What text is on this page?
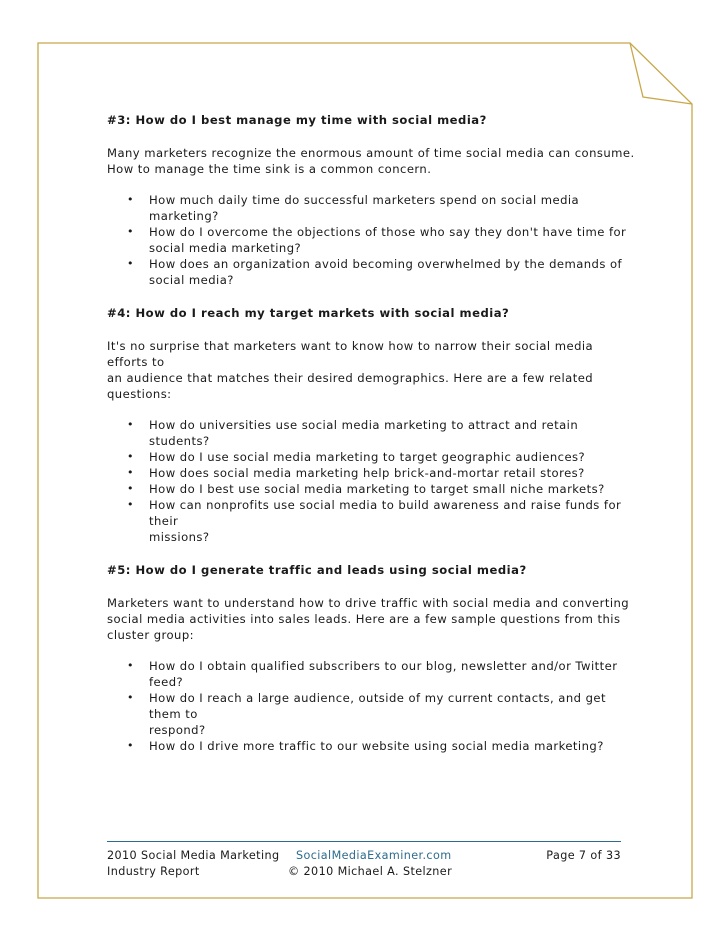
#3: How do I best manage my time with social media?

Many marketers recognize the enormous amount of time social media can consume.
How to manage the time sink is a common concern.

• How much daily time do successful marketers spend on social media marketing?
• How do I overcome the objections of those who say they don't have time for
social media marketing?
• How does an organization avoid becoming overwhelmed by the demands of
social media?
#4: How do I reach my target markets with social media?

It's no surprise that marketers want to know how to narrow their social media efforts to
an audience that matches their desired demographics. Here are a few related questions:

• How do universities use social media marketing to attract and retain students?
• How do I use social media marketing to target geographic audiences?
• How does social media marketing help brick-and-mortar retail stores?
• How do I best use social media marketing to target small niche markets?
• How can nonprofits use social media to build awareness and raise funds for their
missions?
#5: How do I generate traffic and leads using social media?

Marketers want to understand how to drive traffic with social media and converting
social media activities into sales leads. Here are a few sample questions from this
cluster group:

• How do I obtain qualified subscribers to our blog, newsletter and/or Twitter
feed?
• How do I reach a large audience, outside of my current contacts, and get them to
respond?
• How do I drive more traffic to our website using social media marketing?
2010 Social Media Marketing
Industry Report
SocialMediaExaminer.com
© 2010 Michael A. Stelzner
Page 7 of 33
